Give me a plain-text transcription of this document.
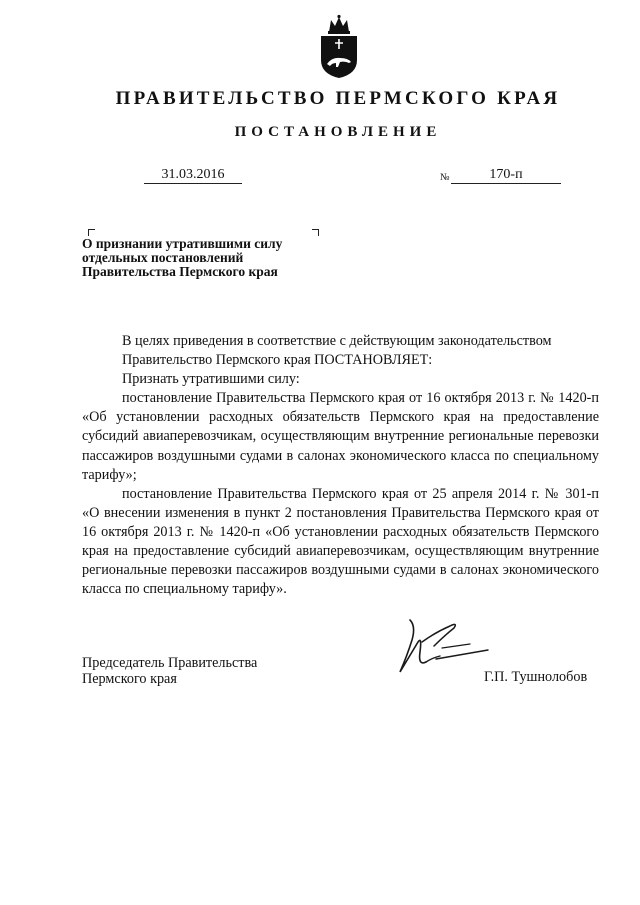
ПРАВИТЕЛЬСТВО ПЕРМСКОГО КРАЯ
ПОСТАНОВЛЕНИЕ
31.03.2016	№	170-п
О признании утратившими силу
отдельных постановлений
Правительства Пермского края

В целях приведения в соответствие с действующим законодательством

Правительство Пермского края ПОСТАНОВЛЯЕТ:

Признать утратившими силу:

постановление Правительства Пермского края от 16 октября 2013 г. № 1420-п «Об установлении расходных обязательств Пермского края на предоставление субсидий авиаперевозчикам, осуществляющим внутренние региональные перевозки пассажиров воздушными судами в салонах экономического класса по специальному тарифу»;

постановление Правительства Пермского края от 25 апреля 2014 г. № 301-п «О внесении изменения в пункт 2 постановления Правительства Пермского края от 16 октября 2013 г. № 1420-п «Об установлении расходных обязательств Пермского края на предоставление субсидий авиаперевозчикам, осуществляющим внутренние региональные перевозки пассажиров воздушными судами в салонах экономического класса по специальному тарифу».

Председатель Правительства
Пермского края	Г.П. Тушнолобов
